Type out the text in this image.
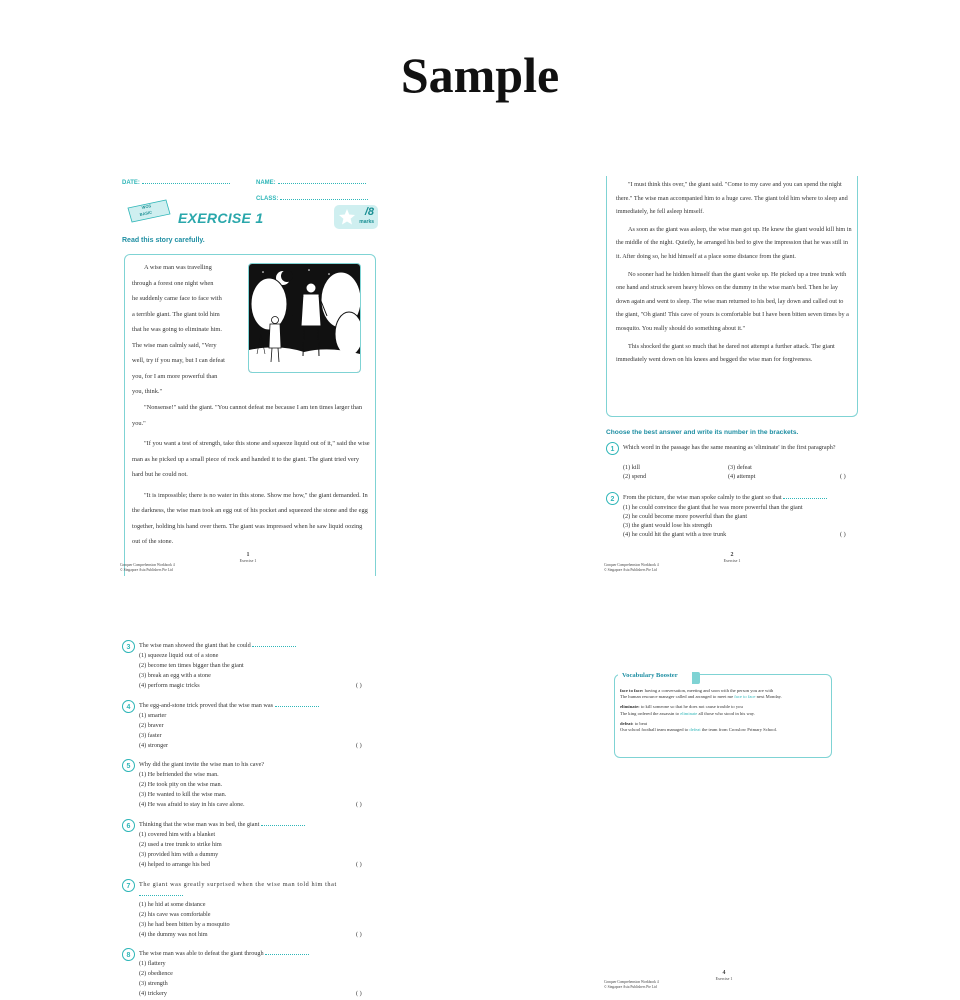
Sample
DATE:	NAME:
CLASS:
WOS
BASIC EXERCISE 1	/8
marks
Read this story carefully.

A wise man was travelling

through a forest one night when

he suddenly came face to face with

a terrible giant. The giant told him

that he was going to eliminate him.

The wise man calmly said, "Very

well, try if you may, but I can defeat

you, for I am more powerful than

you, think."

"Nonsense!" said the giant. "You cannot defeat me because I am ten times larger than you."

"If you want a test of strength, take this stone and squeeze liquid out of it," said the wise man as he picked up a small piece of rock and handed it to the giant. The giant tried very hard but he could not.

"It is impossible; there is no water in this stone. Show me how," the giant demanded. In the darkness, the wise man took an egg out of his pocket and squeezed the stone and the egg together, holding his hand over them. The giant was impressed when he saw liquid oozing out of the stone.

Conquer Comprehension Workbook 4
© Singapore Asia Publishers Pte Ltd
1
Exercise 1

"I must think this over," the giant said. "Come to my cave and you can spend the night there." The wise man accompanied him to a huge cave. The giant told him where to sleep and immediately, he fell asleep himself.

As soon as the giant was asleep, the wise man got up. He knew the giant would kill him in the middle of the night. Quietly, he arranged his bed to give the impression that he was still in it. After doing so, he hid himself at a place some distance from the giant.

No sooner had he hidden himself than the giant woke up. He picked up a tree trunk with one hand and struck seven heavy blows on the dummy in the wise man's bed. Then he lay down again and went to sleep. The wise man returned to his bed, lay down and called out to the giant, "Oh giant! This cave of yours is comfortable but I have been bitten seven times by a mosquito. You really should do something about it."

This shocked the giant so much that he dared not attempt a further attack. The giant immediately went down on his knees and begged the wise man for forgiveness.

Choose the best answer and write its number in the brackets.
1	Which word in the passage has the same meaning as 'eliminate' in the first paragraph?
(1) kill
(2) spend
(3) defeat
(4) attempt	( )
2	From the picture, the wise man spoke calmly to the giant so that
(1) he could convince the giant that he was more powerful than the giant
(2) he could become more powerful than the giant
(3) the giant would lose his strength
(4) he could hit the giant with a tree trunk	( )
Conquer Comprehension Workbook 4
© Singapore Asia Publishers Pte Ltd
2
Exercise 1
3	The wise man showed the giant that he could
(1) squeeze liquid out of a stone
(2) become ten times bigger than the giant
(3) break an egg with a stone
(4) perform magic tricks	( )
4	The egg-and-stone trick proved that the wise man was
(1) smarter
(2) braver
(3) faster
(4) stronger	( )
5	Why did the giant invite the wise man to his cave?
(1) He befriended the wise man.
(2) He took pity on the wise man.
(3) He wanted to kill the wise man.
(4) He was afraid to stay in his cave alone.	( )
6	Thinking that the wise man was in bed, the giant
(1) covered him with a blanket
(2) used a tree trunk to strike him
(3) provided him with a dummy
(4) helped to arrange his bed	( )
7	The giant was greatly surprised when the wise man told him that
(1) he hid at some distance
(2) his cave was comfortable
(3) he had been bitten by a mosquito
(4) the dummy was not him	( )
8	The wise man was able to defeat the giant through
(1) flattery
(2) obedience
(3) strength
(4) trickery	( )
Vocabulary Booster

face to face: having a conversation, meeting and soon with the person you are with
The human resource manager called and arranged to meet me face to face next Monday.

eliminate: to kill someone so that he does not cause trouble to you
The king ordered the assassin to eliminate all those who stood in his way.

defeat: to beat
Our school football team managed to defeat the team from Crosslow Primary School.

Conquer Comprehension Workbook 4
© Singapore Asia Publishers Pte Ltd
4
Exercise 1
